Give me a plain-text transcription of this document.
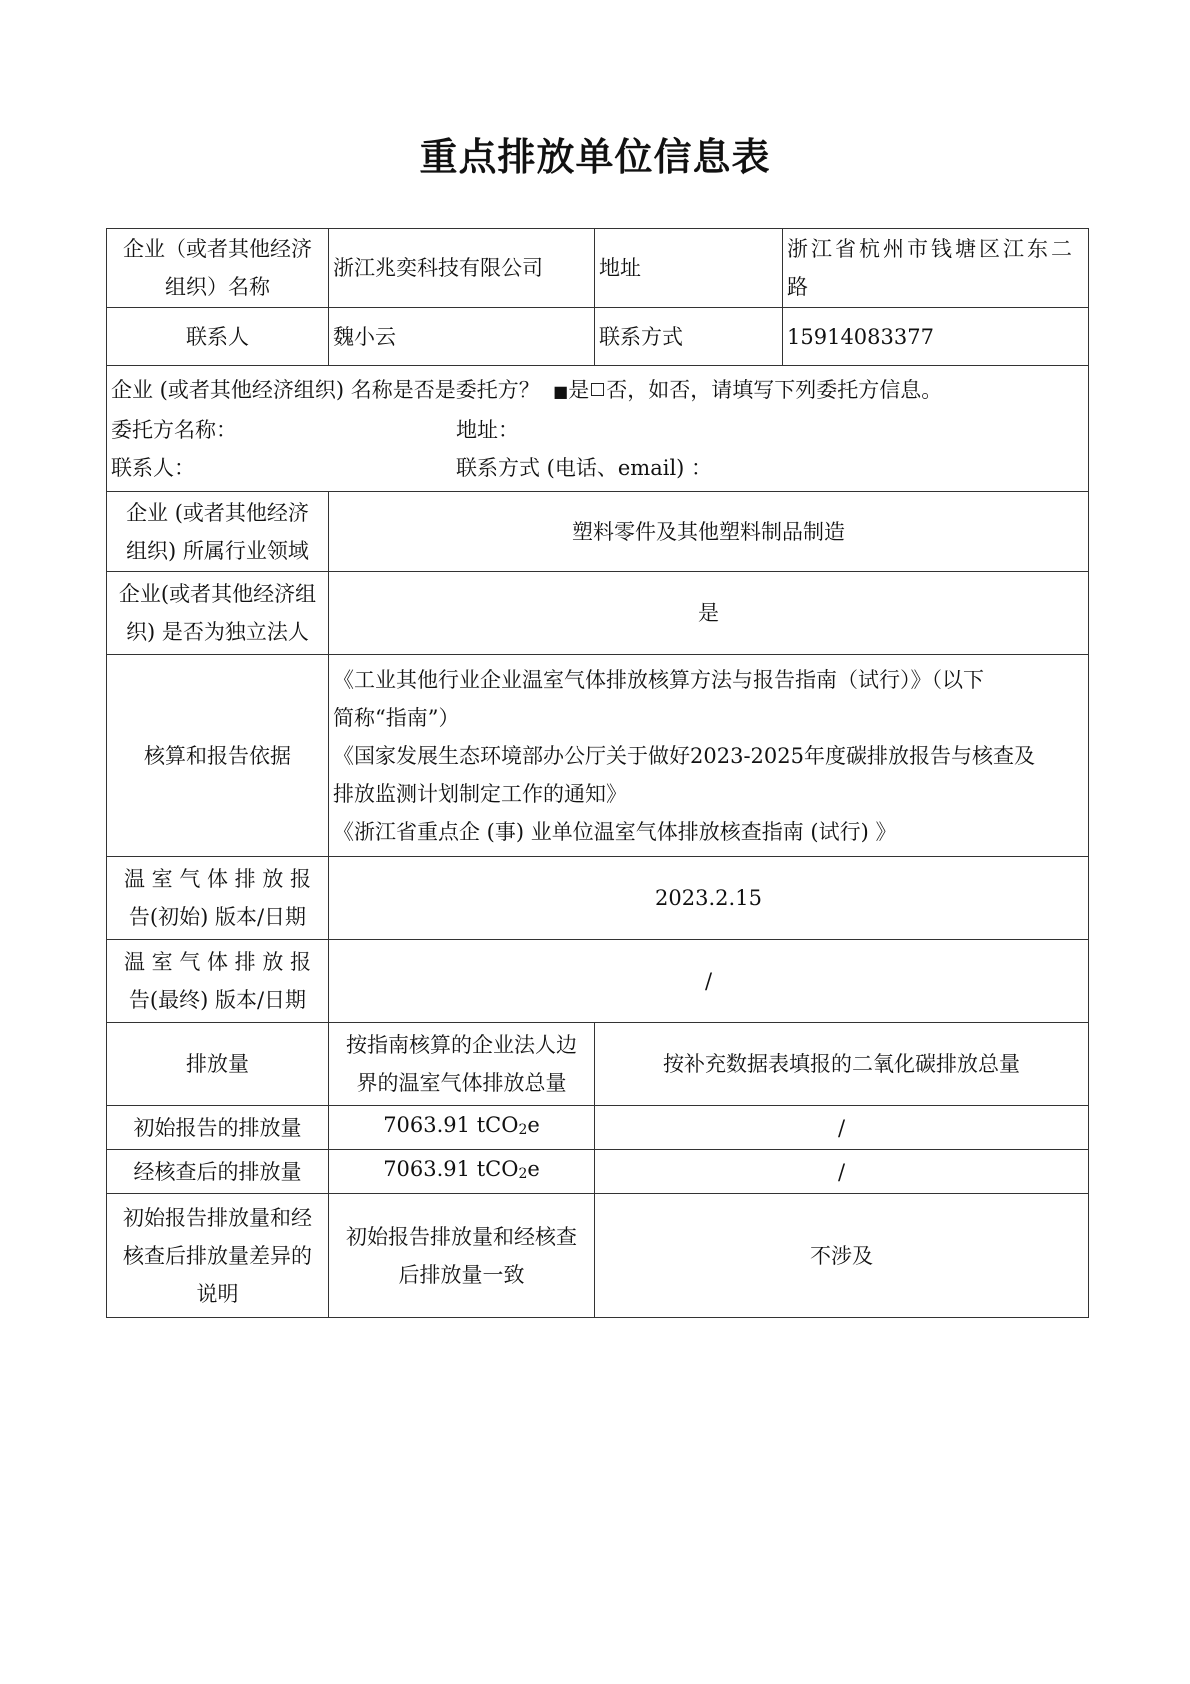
重点排放单位信息表
企业（或者其他经济
组织）名称	浙江兆奕科技有限公司	地址	浙江省杭州市钱塘区江东二路
联系人	魏小云	联系方式	15914083377

企业 (或者其他经济组织) 名称是否是委托方？ ■是 否，如否，请填写下列委托方信息。
委托方名称： 地址：
联系人： 联系方式 (电话、email) ：			

企业 (或者其他经济
组织) 所属行业领域	塑料零件及其他塑料制品制造		

企业(或者其他经济组
织) 是否为独立法人	是		
核算和报告依据	《工业其他行业企业温室气体排放核算方法与报告指南（试行）》（以下
简称“指南”）
《国家发展生态环境部办公厅关于做好2023-2025年度碳排放报告与核查及
排放监测计划制定工作的通知》
《浙江省重点企 (事) 业单位温室气体排放核查指南 (试行) 》		

温 室 气 体 排 放 报
告(初始) 版本/日期	2023.2.15		

温 室 气 体 排 放 报
告(最终) 版本/日期	/		
排放量	按指南核算的企业法人边
界的温室气体排放总量	按补充数据表填报的二氧化碳排放总量	
初始报告的排放量	7063.91 tCO$_2$e	/	
经核查后的排放量	7063.91 tCO$_2$e	/	

初始报告排放量和经
核查后排放量差异的
说明	初始报告排放量和经核查
后排放量一致	不涉及	
